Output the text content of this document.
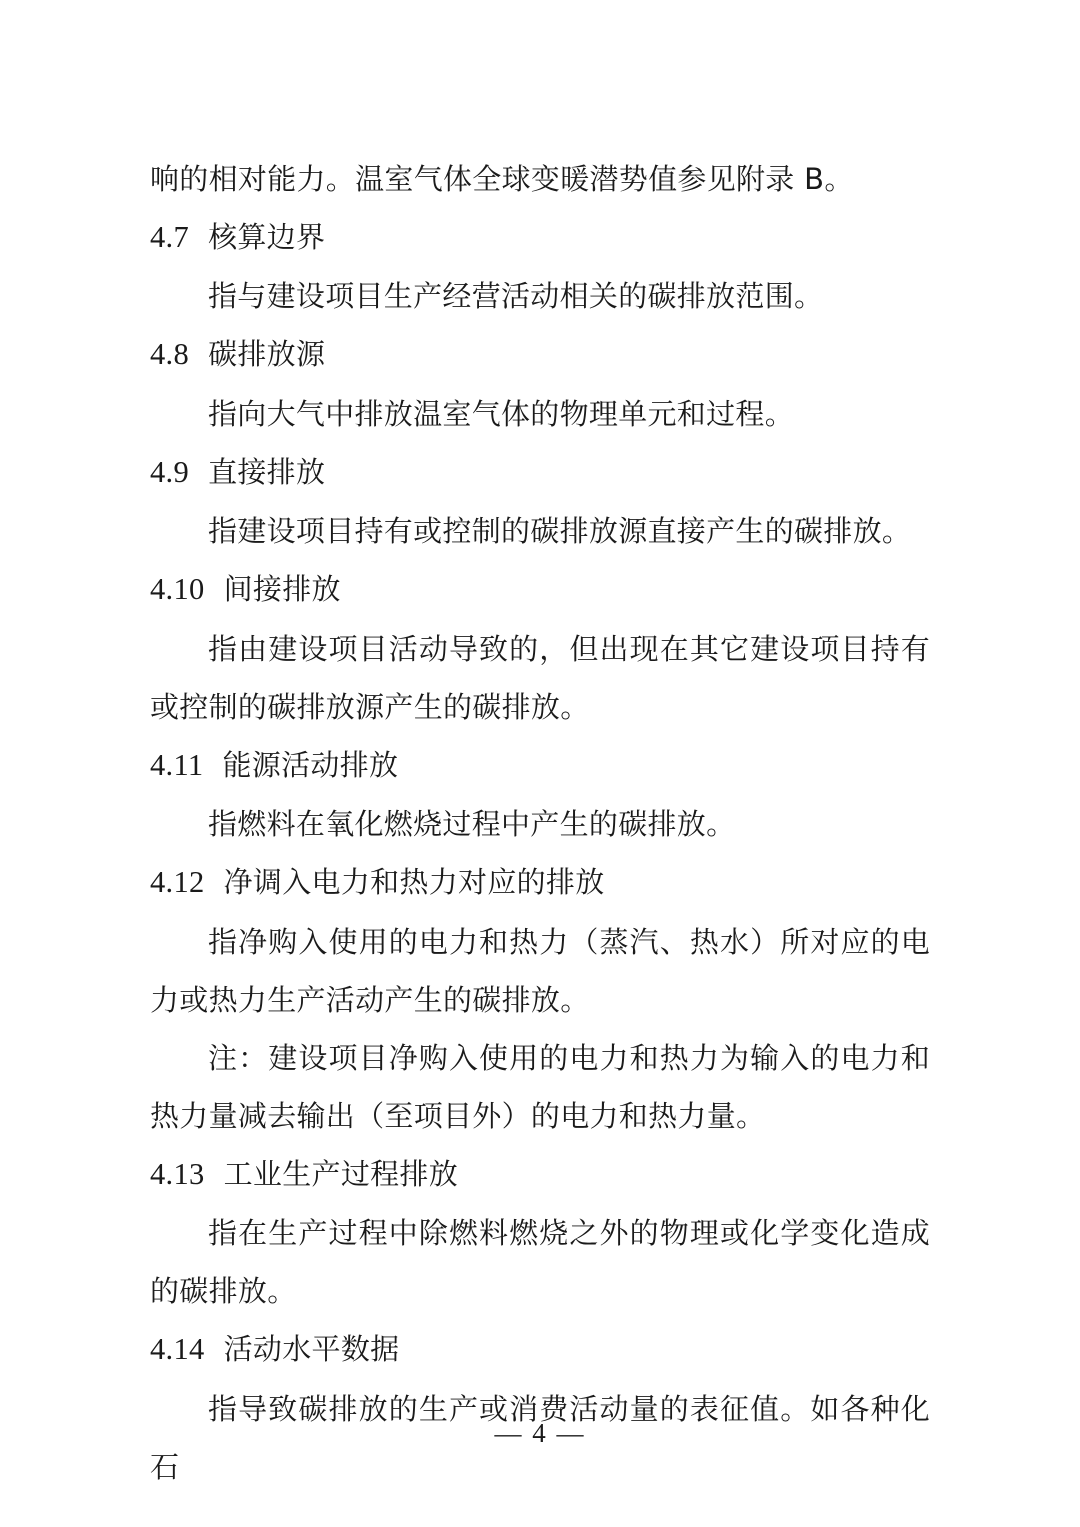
响的相对能力。温室气体全球变暖潜势值参见附录 B。

4.7 核算边界

指与建设项目生产经营活动相关的碳排放范围。

4.8 碳排放源

指向大气中排放温室气体的物理单元和过程。

4.9 直接排放

指建设项目持有或控制的碳排放源直接产生的碳排放。

4.10 间接排放

指由建设项目活动导致的，但出现在其它建设项目持有或控制的碳排放源产生的碳排放。

4.11 能源活动排放

指燃料在氧化燃烧过程中产生的碳排放。

4.12 净调入电力和热力对应的排放

指净购入使用的电力和热力（蒸汽、热水）所对应的电力或热力生产活动产生的碳排放。

注：建设项目净购入使用的电力和热力为输入的电力和热力量减去输出（至项目外）的电力和热力量。

4.13 工业生产过程排放

指在生产过程中除燃料燃烧之外的物理或化学变化造成的碳排放。

4.14 活动水平数据

指导致碳排放的生产或消费活动量的表征值。如各种化石

— 4 —
